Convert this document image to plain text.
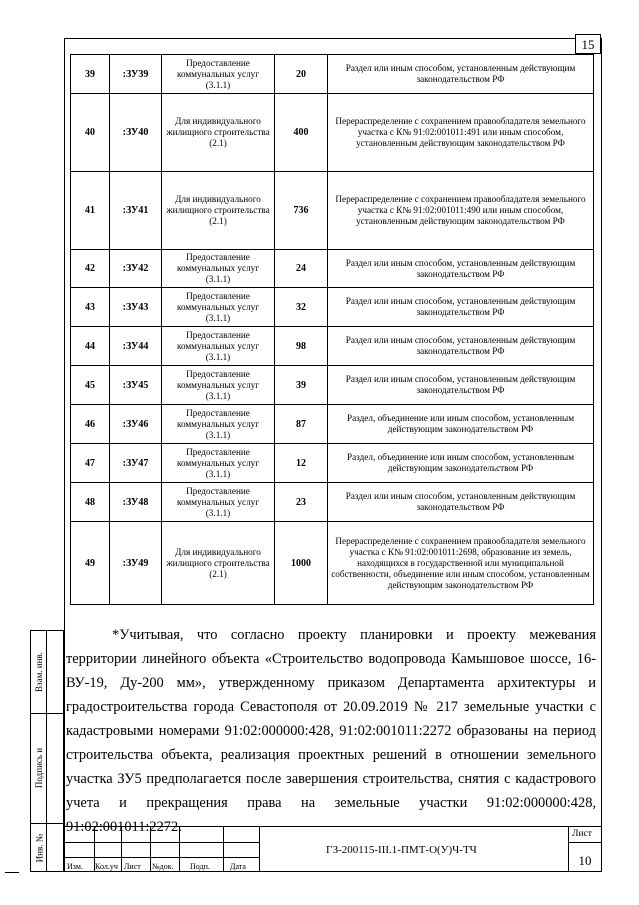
15
39	:ЗУ39	Предоставление коммунальных услуг (3.1.1)	20	Раздел или иным способом, установленным действующим законодательством РФ
40	:ЗУ40	Для индивидуального жилищного строительства (2.1)	400	Перераспределение с сохранением правообладателя земельного участка с К№ 91:02:001011:491 или иным способом, установленным действующим законодательством РФ
41	:ЗУ41	Для индивидуального жилищного строительства (2.1)	736	Перераспределение с сохранением правообладателя земельного участка с К№ 91:02:001011:490 или иным способом, установленным действующим законодательством РФ
42	:ЗУ42	Предоставление коммунальных услуг (3.1.1)	24	Раздел или иным способом, установленным действующим законодательством РФ
43	:ЗУ43	Предоставление коммунальных услуг (3.1.1)	32	Раздел или иным способом, установленным действующим законодательством РФ
44	:ЗУ44	Предоставление коммунальных услуг (3.1.1)	98	Раздел или иным способом, установленным действующим законодательством РФ
45	:ЗУ45	Предоставление коммунальных услуг (3.1.1)	39	Раздел или иным способом, установленным действующим законодательством РФ
46	:ЗУ46	Предоставление коммунальных услуг (3.1.1)	87	Раздел, объединение или иным способом, установленным действующим законодательством РФ
47	:ЗУ47	Предоставление коммунальных услуг (3.1.1)	12	Раздел, объединение или иным способом, установленным действующим законодательством РФ
48	:ЗУ48	Предоставление коммунальных услуг (3.1.1)	23	Раздел или иным способом, установленным действующим законодательством РФ
49	:ЗУ49	Для индивидуального жилищного строительства (2.1)	1000	Перераспределение с сохранением правообладателя земельного участка с К№ 91:02:001011:2698, образование из земель, находящихся в государственной или муниципальной собственности, объединение или иным способом, установленным действующим законодательством РФ

*Учитывая, что согласно проекту планировки и проекту межевания территории линейного объекта «Строительство водопровода Камышовое шоссе, 16-ВУ-19, Ду-200 мм», утвержденному приказом Департамента архитектуры и градостроительства города Севастополя от 20.09.2019 № 217 земельные участки с кадастровыми номерами 91:02:000000:428, 91:02:001011:2272 образованы на период строительства объекта, реализация проектных решений в отношении земельного участка ЗУ5 предполагается после завершения строительства, снятия с кадастрового учета и прекращения права на земельные участки 91:02:000000:428, 91:02:001011:2272.

Взам. инв.
Подпись и
Инв. №
Изм. Кол.уч Лист №док. Подп.	Дата
ГЗ-200115-III.1-ПМТ-О(У)Ч-ТЧ
Лист
10
